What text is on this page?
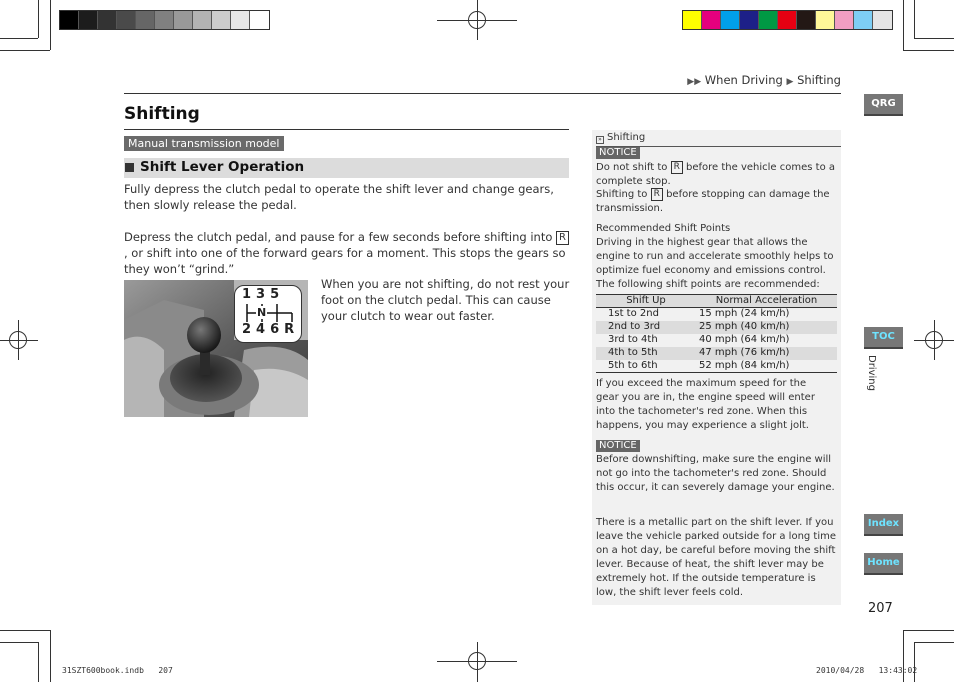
▶▶ When Driving ▶ Shifting
Shifting
Manual transmission model
Shift Lever Operation
Fully depress the clutch pedal to operate the shift lever and change gears, then slowly release the pedal.
Depress the clutch pedal, and pause for a few seconds before shifting into R, or shift into one of the forward gears for a moment. This stops the gears so they won’t “grind.”
135
N
246R
When you are not shifting, do not rest your foot on the clutch pedal. This can cause your clutch to wear out faster.
» Shifting
NOTICE
Do not shift to R before the vehicle comes to a complete stop.
Shifting to R before stopping can damage the transmission.
Recommended Shift Points
Driving in the highest gear that allows the engine to run and accelerate smoothly helps to optimize fuel economy and emissions control. The following shift points are recommended:
If you exceed the maximum speed for the gear you are in, the engine speed will enter into the tachometer's red zone. When this happens, you may experience a slight jolt.
NOTICE
Before downshifting, make sure the engine will not go into the tachometer's red zone. Should this occur, it can severely damage your engine.
There is a metallic part on the shift lever. If you leave the vehicle parked outside for a long time on a hot day, be careful before moving the shift lever. Because of heat, the shift lever may be extremely hot. If the outside temperature is low, the shift lever feels cold.
Shift Up	Normal Acceleration
1st to 2nd	15 mph (24 km/h)
2nd to 3rd	25 mph (40 km/h)
3rd to 4th	40 mph (64 km/h)
4th to 5th	47 mph (76 km/h)
5th to 6th	52 mph (84 km/h)
QRG
TOC
Driving
Index
Home
207
31SZT600book.indb   207	2010/04/28   13:43:02
